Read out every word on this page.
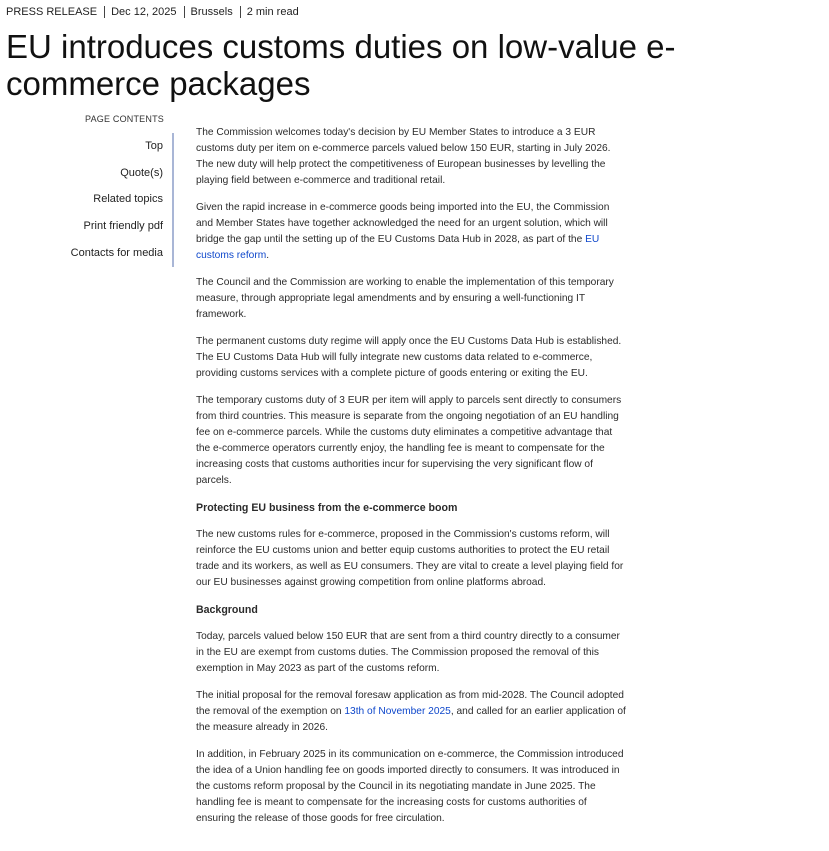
PRESS RELEASE Dec 12, 2025 Brussels 2 min read
EU introduces customs duties on low-value e-commerce packages
PAGE CONTENTS
Top
Quote(s)
Related topics
Print friendly pdf
Contacts for media

The Commission welcomes today's decision by EU Member States to introduce a 3 EUR customs duty per item on e-commerce parcels valued below 150 EUR, starting in July 2026. The new duty will help protect the competitiveness of European businesses by levelling the playing field between e-commerce and traditional retail.

Given the rapid increase in e-commerce goods being imported into the EU, the Commission and Member States have together acknowledged the need for an urgent solution, which will bridge the gap until the setting up of the EU Customs Data Hub in 2028, as part of the EU customs reform.

The Council and the Commission are working to enable the implementation of this temporary measure, through appropriate legal amendments and by ensuring a well-functioning IT framework.

The permanent customs duty regime will apply once the EU Customs Data Hub is established. The EU Customs Data Hub will fully integrate new customs data related to e-commerce, providing customs services with a complete picture of goods entering or exiting the EU.

The temporary customs duty of 3 EUR per item will apply to parcels sent directly to consumers from third countries. This measure is separate from the ongoing negotiation of an EU handling fee on e-commerce parcels. While the customs duty eliminates a competitive advantage that the e-commerce operators currently enjoy, the handling fee is meant to compensate for the increasing costs that customs authorities incur for supervising the very significant flow of parcels.

Protecting EU business from the e-commerce boom

The new customs rules for e-commerce, proposed in the Commission's customs reform, will reinforce the EU customs union and better equip customs authorities to protect the EU retail trade and its workers, as well as EU consumers. They are vital to create a level playing field for our EU businesses against growing competition from online platforms abroad.

Background

Today, parcels valued below 150 EUR that are sent from a third country directly to a consumer in the EU are exempt from customs duties. The Commission proposed the removal of this exemption in May 2023 as part of the customs reform.

The initial proposal for the removal foresaw application as from mid-2028. The Council adopted the removal of the exemption on 13th of November 2025, and called for an earlier application of the measure already in 2026.

In addition, in February 2025 in its communication on e-commerce, the Commission introduced the idea of a Union handling fee on goods imported directly to consumers. It was introduced in the customs reform proposal by the Council in its negotiating mandate in June 2025. The handling fee is meant to compensate for the increasing costs for customs authorities of ensuring the release of those goods for free circulation.
